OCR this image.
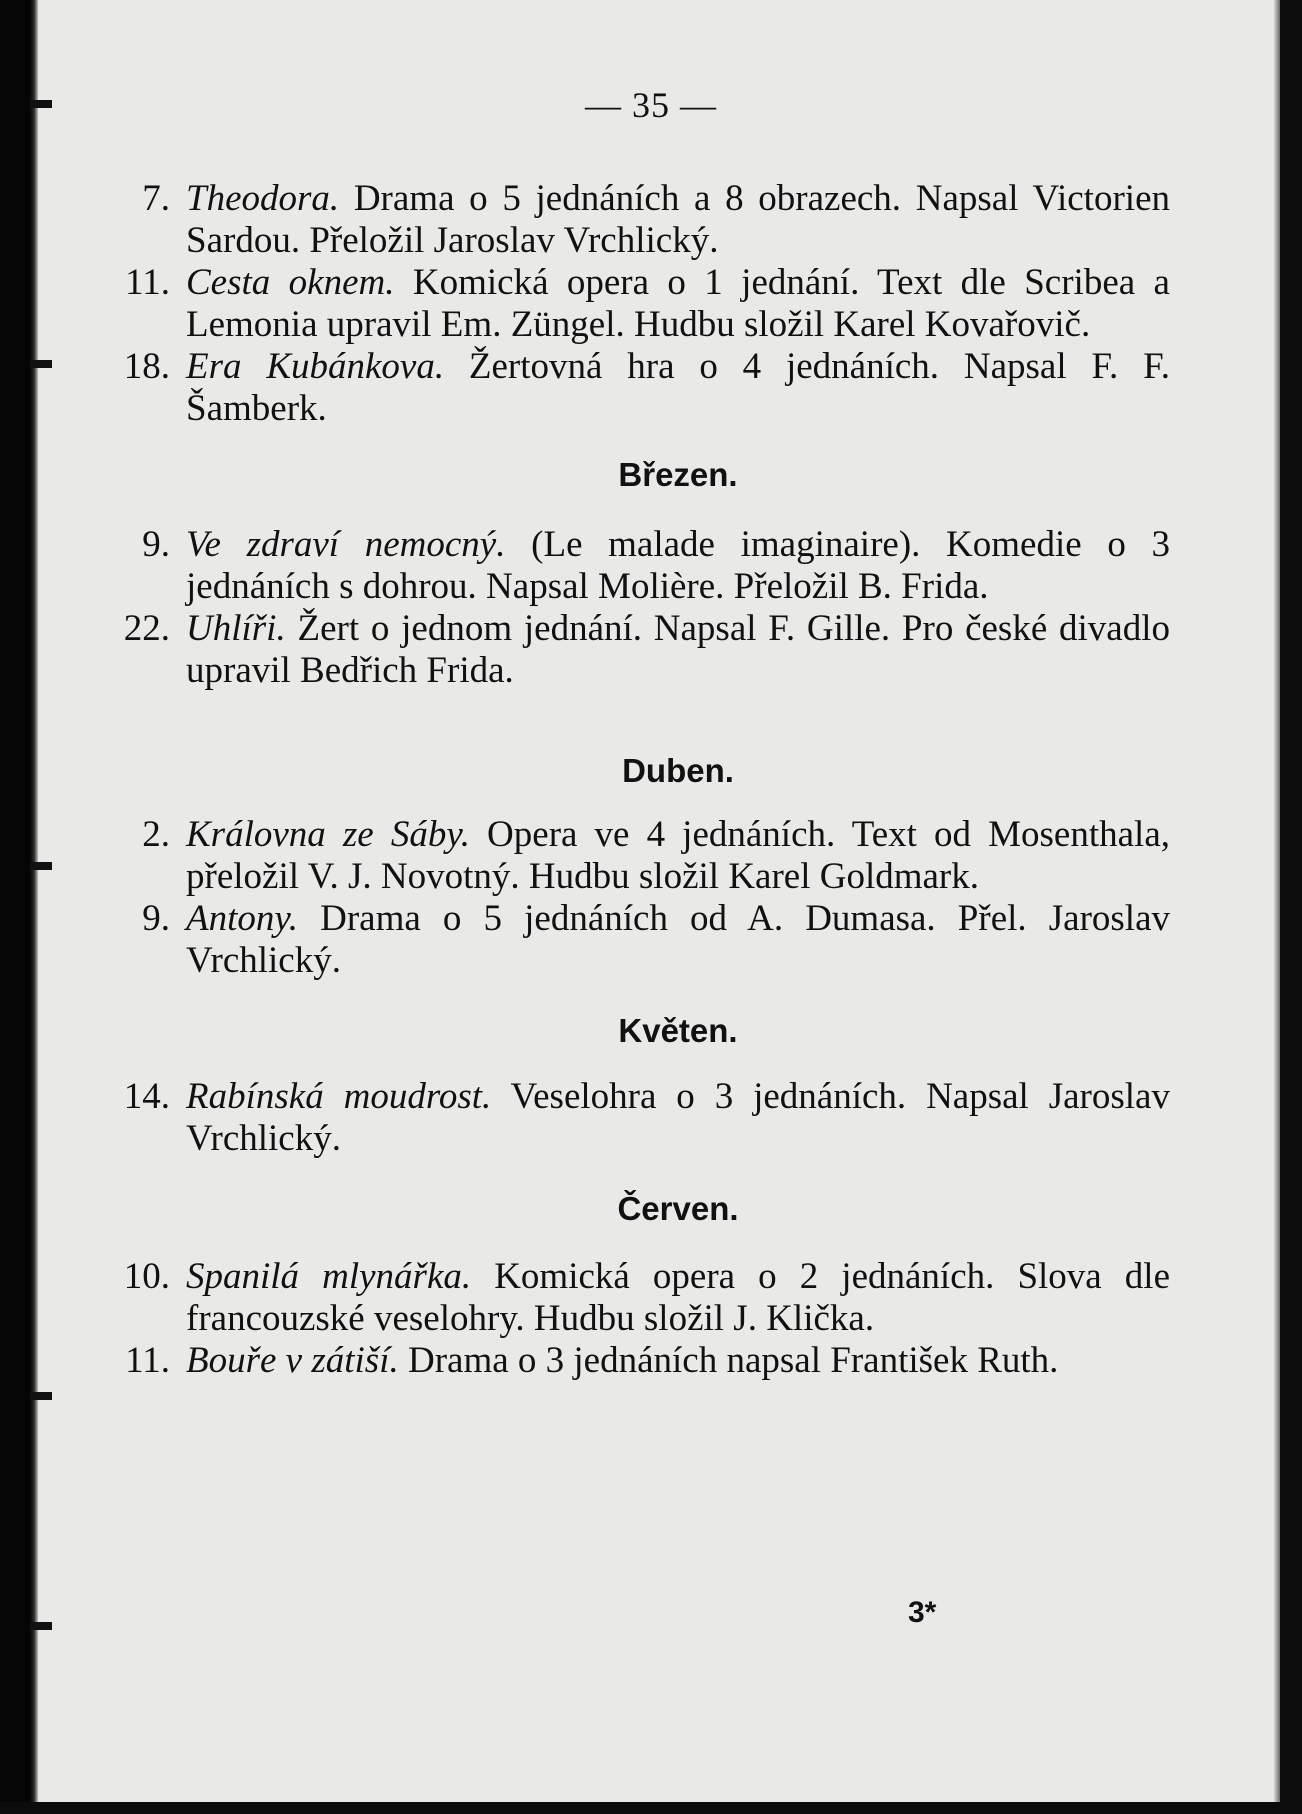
— 35 —
7. Theodora. Drama o 5 jednáních a 8 obrazech. Napsal Victorien Sardou. Přeložil Jaroslav Vrchlický.
11. Cesta oknem. Komická opera o 1 jednání. Text dle Scribea a Lemonia upravil Em. Züngel. Hudbu složil Karel Kovařovič.
18. Era Kubánkova. Žertovná hra o 4 jednáních. Napsal F. F. Šamberk.
Březen.
9. Ve zdraví nemocný. (Le malade imaginaire). Komedie o 3 jednáních s dohrou. Napsal Molière. Přeložil B. Frida.
22. Uhlíři. Žert o jednom jednání. Napsal F. Gille. Pro české divadlo upravil Bedřich Frida.
Duben.
2. Královna ze Sáby. Opera ve 4 jednáních. Text od Mosenthala, přeložil V. J. Novotný. Hudbu složil Karel Goldmark.
9. Antony. Drama o 5 jednáních od A. Dumasa. Přel. Jaroslav Vrchlický.
Květen.
14. Rabínská moudrost. Veselohra o 3 jednáních. Napsal Jaroslav Vrchlický.
Červen.
10. Spanilá mlynářka. Komická opera o 2 jednáních. Slova dle francouzské veselohry. Hudbu složil J. Klička.
11. Bouře v zátiší. Drama o 3 jednáních napsal František Ruth.
3*
